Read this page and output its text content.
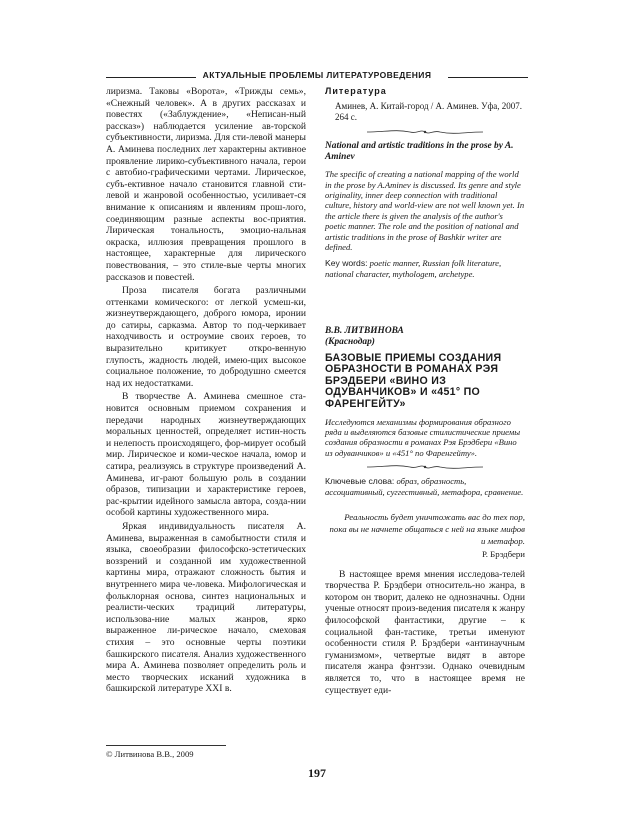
АКТУАЛЬНЫЕ ПРОБЛЕМЫ ЛИТЕРАТУРОВЕДЕНИЯ

лиризма. Таковы «Ворота», «Трижды семь», «Снежный человек». А в других рассказах и повестях («Заблуждение», «Непиcан-ный рассказ») наблюдается усиление ав-торской субъективности, лиризма. Для сти-левой манеры А. Аминева последних лет характерны активное проявление лирико-субъективного начала, герои с автобио-графическими чертами. Лирическое, субъ-ективное начало становится главной сти-левой и жанровой особенностью, усиливает-ся внимание к описаниям и явлениям прош-лого, соединяющим разные аспекты вос-приятия. Лирическая тональность, эмоцио-нальная окраска, иллюзия превращения прошлого в настоящее, характерные для лирического повествования, – это стиле-вые черты многих рассказов и повестей.

Проза писателя богата различными оттенками комического: от легкой усмеш-ки, жизнеутверждающего, доброго юмора, иронии до сатиры, сарказма. Автор то под-черкивает находчивость и остроумие своих героев, то выразительно критикует откро-венную глупость, жадность людей, имею-щих высокое социальное положение, то добродушно смеется над их недостатками.

В творчестве А. Аминева смешное ста-новится основным приемом сохранения и передачи народных жизнеутверждающих моральных ценностей, определяет истин-ность и нелепость происходящего, фор-мирует особый мир. Лирическое и коми-ческое начала, юмор и сатира, реализуясь в структуре произведений А. Аминева, иг-рают большую роль в создании образов, типизации и характеристике героев, рас-крытии идейного замысла автора, созда-нии особой картины художественного мира.

Яркая индивидуальность писателя А. Аминева, выраженная в самобытности стиля и языка, своеобразии философско-эстетических воззрений и созданной им художественной картины мира, отражают сложность бытия и внутреннего мира че-ловека. Мифологическая и фольклорная основа, синтез национальных и реалисти-ческих традиций литературы, использова-ние малых жанров, ярко выраженное ли-рическое начало, смеховая стихия – это основные черты поэтики башкирского писателя. Анализ художественного мира А. Аминева позволяет определить роль и место творческих исканий художника в башкирской литературе XXI в.

Литература

Аминев, А. Китай-город / А. Аминев. Уфа, 2007. 264 с.

National and artistic traditions in the prose by A. Aminev

The specific of creating a national mapping of the world in the prose by A.Aminev is discussed. Its genre and style originality, inner deep connection with traditional culture, history and world-view are not well known yet. In the article there is given the analysis of the author's poetic manner. The role and the position of national and artistic traditions in the prose of Bashkir writer are defined.

Key words: poetic manner, Russian folk literature, national character, mythologem, archetype.

В.В. ЛИТВИНОВА

(Краснодар)

БАЗОВЫЕ ПРИЕМЫ СОЗДАНИЯ ОБРАЗНОСТИ В РОМАНАХ РЭЯ БРЭДБЕРИ «ВИНО ИЗ ОДУВАНЧИКОВ» И «451° ПО ФАРЕНГЕЙТУ»

Исследуются механизмы формирования образного ряда и выделяются базовые стилистические приемы создания образности в романах Рэя Брэдбери «Вино из одуванчиков» и «451° по Фаренгейту».

Ключевые слова: образ, образность, ассоциативный, суггестивный, метафора, сравнение.

Реальность будет уничтожать вас до тех пор, пока вы не начнете общаться с ней на языке мифов и метафор.

Р. Брэдбери

В настоящее время мнения исследова-телей творчества Р. Брэдбери относитель-но жанра, в котором он творит, далеко не однозначны. Одни ученые относят произ-ведения писателя к жанру философской фантастики, другие – к социальной фан-тастике, третьи именуют особенности стиля Р. Брэдбери «антинаучным гуманизмом», четвертые видят в авторе писателя жанра фэнтэзи. Однако очевидным является то, что в настоящее время не существует еди-

© Литвинова В.В., 2009
197
